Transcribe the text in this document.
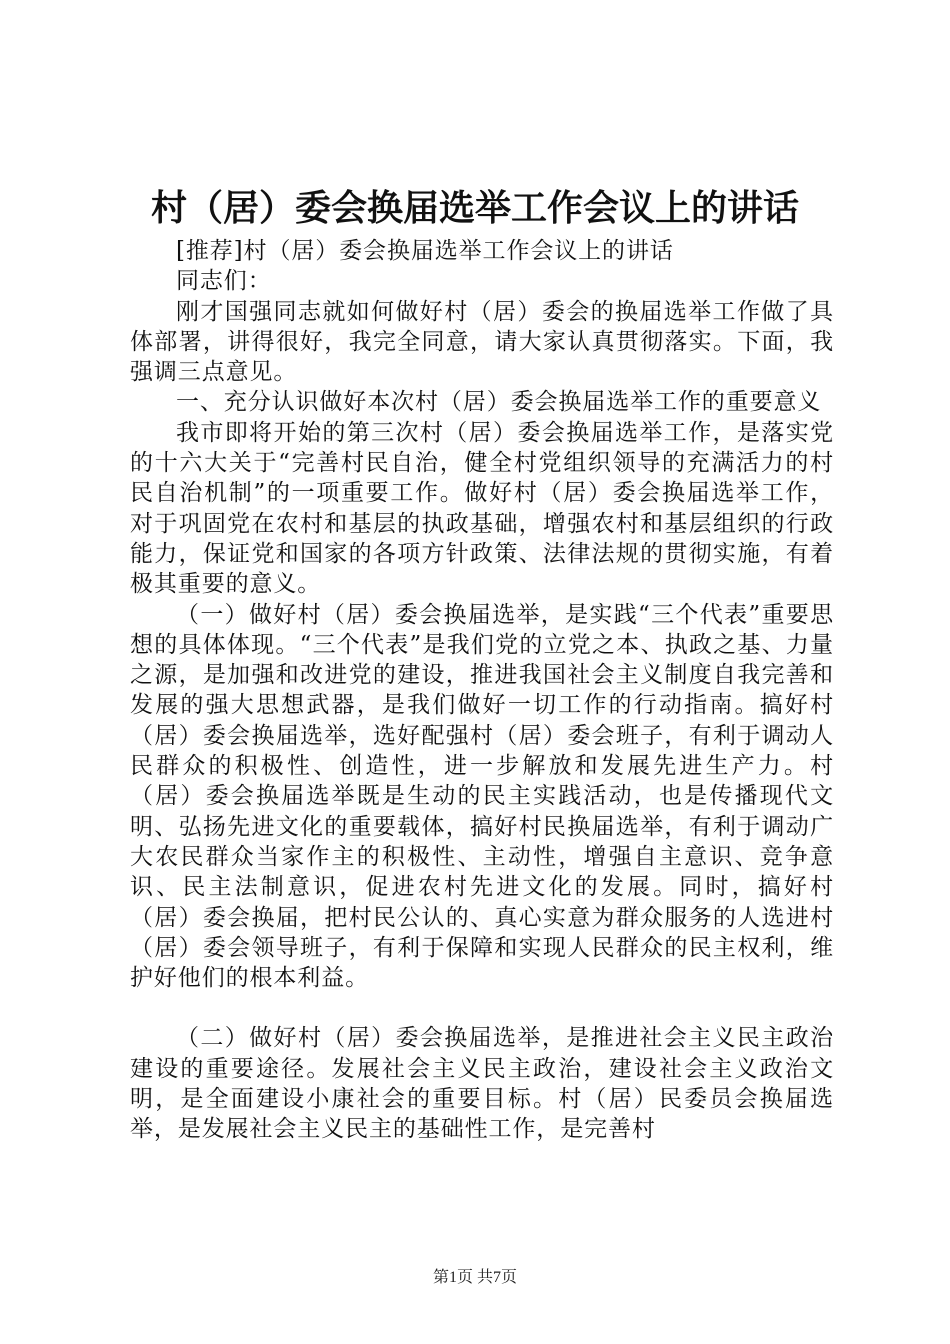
村（居）委会换届选举工作会议上的讲话

[推荐]村（居）委会换届选举工作会议上的讲话

同志们：

刚才国强同志就如何做好村（居）委会的换届选举工作做了具体部署，讲得很好，我完全同意，请大家认真贯彻落实。下面，我强调三点意见。

一、充分认识做好本次村（居）委会换届选举工作的重要意义

我市即将开始的第三次村（居）委会换届选举工作，是落实党的十六大关于“完善村民自治，健全村党组织领导的充满活力的村民自治机制”的一项重要工作。做好村（居）委会换届选举工作，对于巩固党在农村和基层的执政基础，增强农村和基层组织的行政能力，保证党和国家的各项方针政策、法律法规的贯彻实施，有着极其重要的意义。

（一）做好村（居）委会换届选举，是实践“三个代表”重要思想的具体体现。“三个代表”是我们党的立党之本、执政之基、力量之源，是加强和改进党的建设，推进我国社会主义制度自我完善和发展的强大思想武器，是我们做好一切工作的行动指南。搞好村（居）委会换届选举，选好配强村（居）委会班子，有利于调动人民群众的积极性、创造性，进一步解放和发展先进生产力。村（居）委会换届选举既是生动的民主实践活动，也是传播现代文明、弘扬先进文化的重要载体，搞好村民换届选举，有利于调动广大农民群众当家作主的积极性、主动性，增强自主意识、竞争意识、民主法制意识，促进农村先进文化的发展。同时，搞好村（居）委会换届，把村民公认的、真心实意为群众服务的人选进村（居）委会领导班子，有利于保障和实现人民群众的民主权利，维护好他们的根本利益。

（二）做好村（居）委会换届选举，是推进社会主义民主政治建设的重要途径。发展社会主义民主政治，建设社会主义政治文明，是全面建设小康社会的重要目标。村（居）民委员会换届选举，是发展社会主义民主的基础性工作，是完善村

第1页 共7页
